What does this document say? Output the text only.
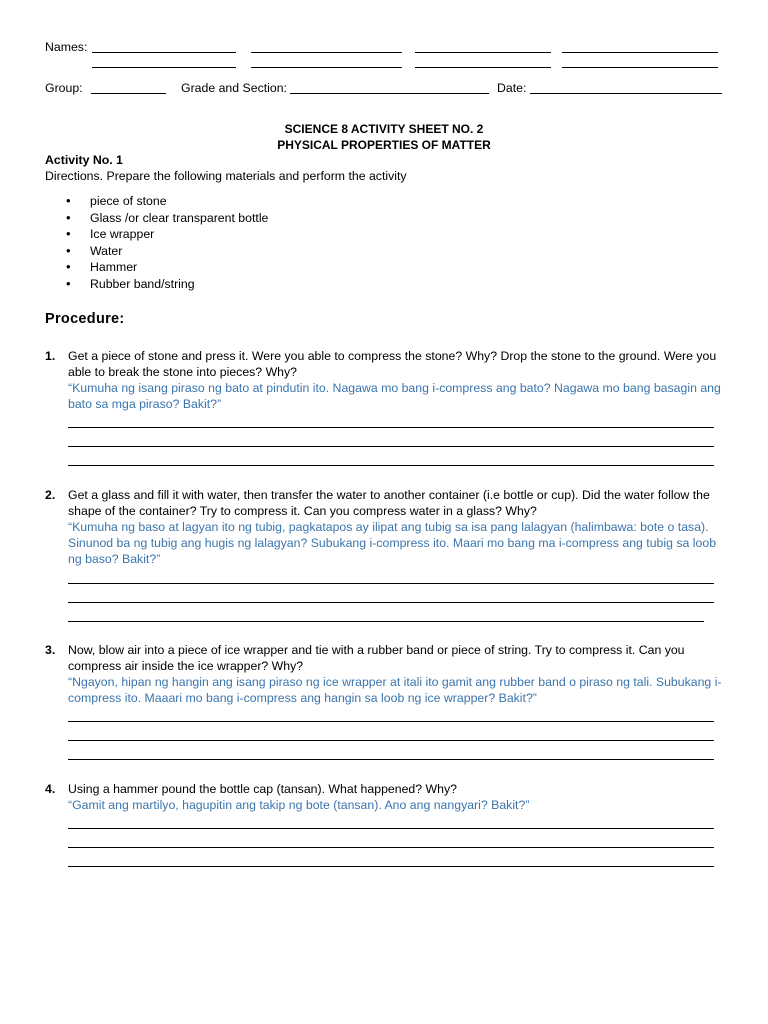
Names:
Group:	Grade and Section:	Date:
SCIENCE 8 ACTIVITY SHEET NO. 2
PHYSICAL PROPERTIES OF MATTER
Activity No. 1
Directions. Prepare the following materials and perform the activity
• piece of stone
• Glass /or clear transparent bottle
• Ice wrapper
• Water
• Hammer
• Rubber band/string
Procedure:
1. Get a piece of stone and press it. Were you able to compress the stone? Why? Drop the stone to the ground. Were you able to break the stone into pieces? Why?
“Kumuha ng isang piraso ng bato at pindutin ito. Nagawa mo bang i-compress ang bato? Nagawa mo bang basagin ang bato sa mga piraso? Bakit?”
2. Get a glass and fill it with water, then transfer the water to another container (i.e bottle or cup). Did the water follow the shape of the container? Try to compress it. Can you compress water in a glass? Why?
“Kumuha ng baso at lagyan ito ng tubig, pagkatapos ay ilipat ang tubig sa isa pang lalagyan (halimbawa: bote o tasa). Sinunod ba ng tubig ang hugis ng lalagyan? Subukang i-compress ito. Maari mo bang ma i-compress ang tubig sa loob ng baso? Bakit?”
3. Now, blow air into a piece of ice wrapper and tie with a rubber band or piece of string. Try to compress it. Can you compress air inside the ice wrapper? Why?
“Ngayon, hipan ng hangin ang isang piraso ng ice wrapper at itali ito gamit ang rubber band o piraso ng tali. Subukang i-compress ito. Maaari mo bang i-compress ang hangin sa loob ng ice wrapper? Bakit?”
4. Using a hammer pound the bottle cap (tansan). What happened? Why?
“Gamit ang martilyo, hagupitin ang takip ng bote (tansan). Ano ang nangyari? Bakit?”
